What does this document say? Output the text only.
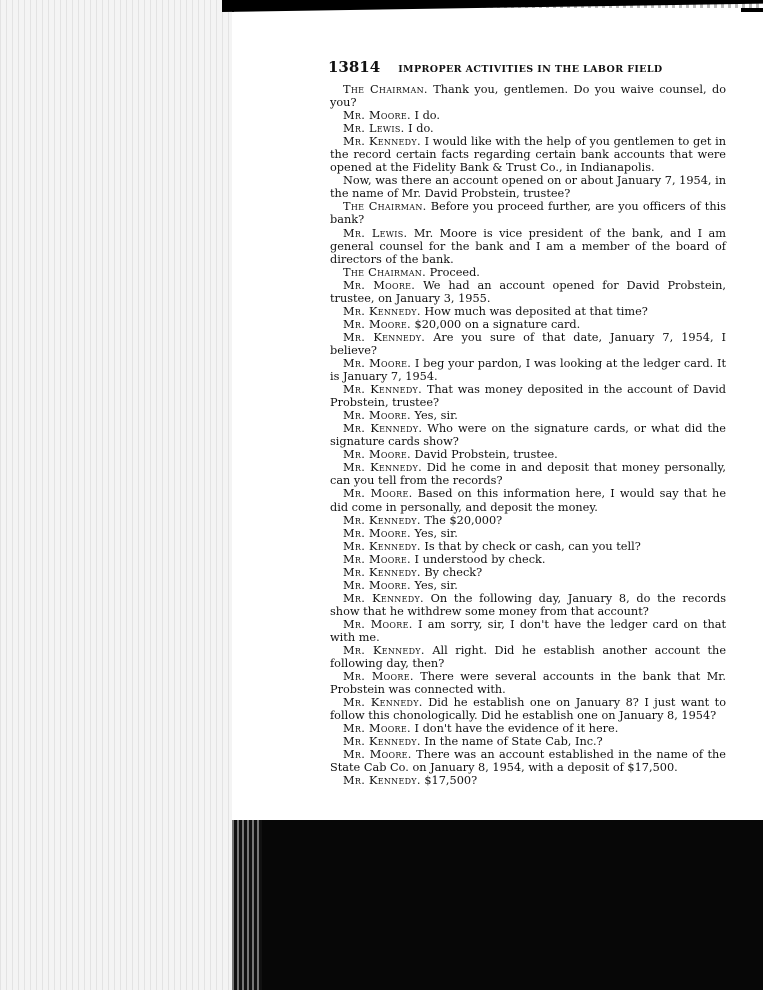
13814 IMPROPER ACTIVITIES IN THE LABOR FIELD

The Chairman. Thank you, gentlemen. Do you waive counsel, do you?

Mr. Moore. I do.

Mr. Lewis. I do.

Mr. Kennedy. I would like with the help of you gentlemen to get in the record certain facts regarding certain bank accounts that were opened at the Fidelity Bank & Trust Co., in Indianapolis.

Now, was there an account opened on or about January 7, 1954, in the name of Mr. David Probstein, trustee?

The Chairman. Before you proceed further, are you officers of this bank?

Mr. Lewis. Mr. Moore is vice president of the bank, and I am general counsel for the bank and I am a member of the board of directors of the bank.

The Chairman. Proceed.

Mr. Moore. We had an account opened for David Probstein, trustee, on January 3, 1955.

Mr. Kennedy. How much was deposited at that time?

Mr. Moore. $20,000 on a signature card.

Mr. Kennedy. Are you sure of that date, January 7, 1954, I believe?

Mr. Moore. I beg your pardon, I was looking at the ledger card. It is January 7, 1954.

Mr. Kennedy. That was money deposited in the account of David Probstein, trustee?

Mr. Moore. Yes, sir.

Mr. Kennedy. Who were on the signature cards, or what did the signature cards show?

Mr. Moore. David Probstein, trustee.

Mr. Kennedy. Did he come in and deposit that money personally, can you tell from the records?

Mr. Moore. Based on this information here, I would say that he did come in personally, and deposit the money.

Mr. Kennedy. The $20,000?

Mr. Moore. Yes, sir.

Mr. Kennedy. Is that by check or cash, can you tell?

Mr. Moore. I understood by check.

Mr. Kennedy. By check?

Mr. Moore. Yes, sir.

Mr. Kennedy. On the following day, January 8, do the records show that he withdrew some money from that account?

Mr. Moore. I am sorry, sir, I don't have the ledger card on that with me.

Mr. Kennedy. All right. Did he establish another account the following day, then?

Mr. Moore. There were several accounts in the bank that Mr. Probstein was connected with.

Mr. Kennedy. Did he establish one on January 8? I just want to follow this chonologically. Did he establish one on January 8, 1954?

Mr. Moore. I don't have the evidence of it here.

Mr. Kennedy. In the name of State Cab, Inc.?

Mr. Moore. There was an account established in the name of the State Cab Co. on January 8, 1954, with a deposit of $17,500.

Mr. Kennedy. $17,500?
